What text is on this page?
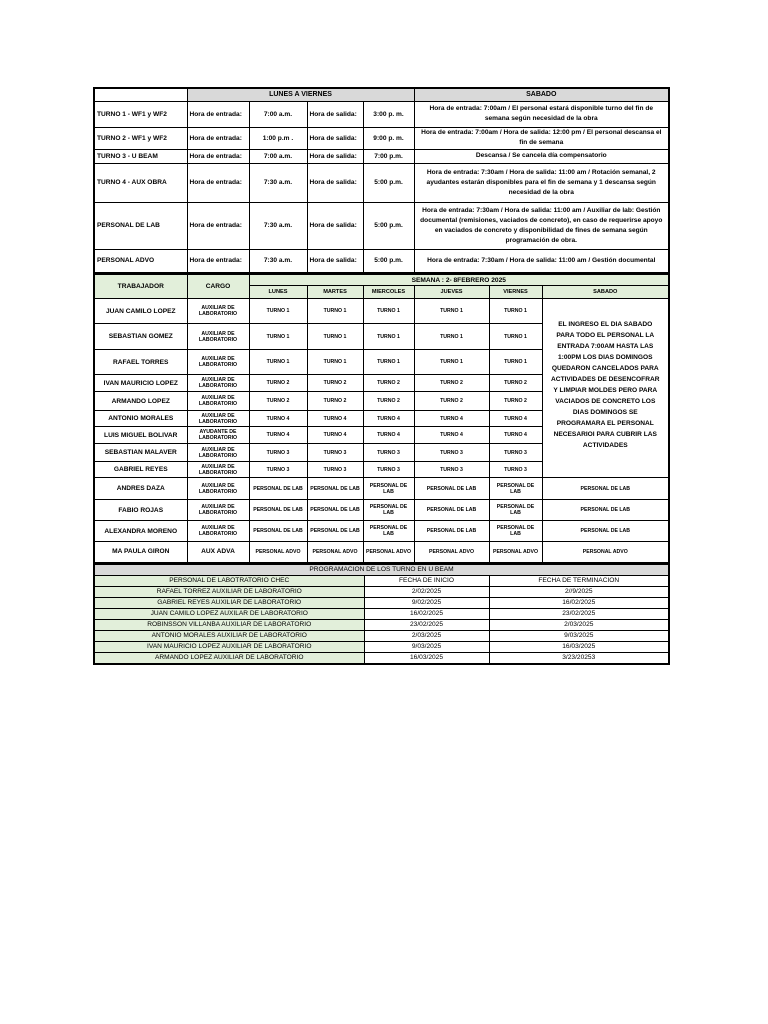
	LUNES A VIERNES				SABADO
TURNO 1 - WF1 y WF2	Hora de entrada:	7:00 a.m.	Hora de salida:	3:00 p. m.	Hora de entrada: 7:00am / El personal estará disponible turno del fin de semana según necesidad de la obra
TURNO 2 - WF1 y WF2	Hora de entrada:	1:00 p.m .	Hora de salida:	9:00 p. m.	Hora de entrada: 7:00am / Hora de salida: 12:00 pm / El personal descansa el fin de semana
TURNO 3 - U BEAM	Hora de entrada:	7:00 a.m.	Hora de salida:	7:00 p.m.	Descansa / Se cancela día compensatorio
TURNO 4 - AUX OBRA	Hora de entrada:	7:30 a.m.	Hora de salida:	5:00 p.m.	Hora de entrada: 7:30am / Hora de salida: 11:00 am / Rotación semanal, 2 ayudantes estarán disponibles para el fin de semana y 1 descansa según necesidad de la obra
PERSONAL DE LAB	Hora de entrada:	7:30 a.m.	Hora de salida:	5:00 p.m.	Hora de entrada: 7:30am / Hora de salida: 11:00 am / Auxiliar de lab: Gestión documental (remisiones, vaciados de concreto), en caso de requerirse apoyo en vaciados de concreto y disponibilidad de fines de semana según programación de obra.
PERSONAL ADVO	Hora de entrada:	7:30 a.m.	Hora de salida:	5:00 p.m.	Hora de entrada: 7:30am / Hora de salida: 11:00 am / Gestión documental
TRABAJADOR	CARGO	SEMANA : 2- 8FEBRERO 2025					
		LUNES	MARTES	MIERCOLES	JUEVES	VIERNES	SABADO
JUAN CAMILO LOPEZ	AUXILIAR DE LABORATORIO	TURNO 1	TURNO 1	TURNO 1	TURNO 1	TURNO 1	EL INGRESO EL DIA SABADO PARA TODO EL PERSONAL LA ENTRADA 7:00AM HASTA LAS 1:00PM LOS DIAS DOMINGOS QUEDARON CANCELADOS PARA ACTIVIDADES DE DESENCOFRAR Y LIMPIAR MOLDES PERO PARA VACIADOS DE CONCRETO LOS DIAS DOMINGOS SE PROGRAMARA EL PERSONAL NECESARIOI PARA CUBRIR LAS ACTIVIDADES
SEBASTIAN GOMEZ	AUXILIAR DE LABORATORIO	TURNO 1	TURNO 1	TURNO 1	TURNO 1	TURNO 1	
RAFAEL TORRES	AUXILIAR DE LABORATORIO	TURNO 1	TURNO 1	TURNO 1	TURNO 1	TURNO 1	
IVAN MAURICIO LOPEZ	AUXILIAR DE LABORATORIO	TURNO 2	TURNO 2	TURNO 2	TURNO 2	TURNO 2	
ARMANDO LOPEZ	AUXILIAR DE LABORATORIO	TURNO 2	TURNO 2	TURNO 2	TURNO 2	TURNO 2	
ANTONIO MORALES	AUXILIAR DE LABORATORIO	TURNO 4	TURNO 4	TURNO 4	TURNO 4	TURNO 4	
LUIS MIGUEL BOLIVAR	AYUDANTE DE LABORATORIO	TURNO 4	TURNO 4	TURNO 4	TURNO 4	TURNO 4	
SEBASTIAN MALAVER	AUXILIAR DE LABORATORIO	TURNO 3	TURNO 3	TURNO 3	TURNO 3	TURNO 3	
GABRIEL REYES	AUXILIAR DE LABORATORIO	TURNO 3	TURNO 3	TURNO 3	TURNO 3	TURNO 3	
ANDRES DAZA	AUXILIAR DE LABORATORIO	PERSONAL DE LAB	PERSONAL DE LAB	PERSONAL DE LAB	PERSONAL DE LAB	PERSONAL DE LAB	PERSONAL DE LAB
FABIO ROJAS	AUXILIAR DE LABORATORIO	PERSONAL DE LAB	PERSONAL DE LAB	PERSONAL DE LAB	PERSONAL DE LAB	PERSONAL DE LAB	PERSONAL DE LAB
ALEXANDRA MORENO	AUXILIAR DE LABORATORIO	PERSONAL DE LAB	PERSONAL DE LAB	PERSONAL DE LAB	PERSONAL DE LAB	PERSONAL DE LAB	PERSONAL DE LAB
MA PAULA GIRON	AUX ADVA	PERSONAL ADVO	PERSONAL ADVO	PERSONAL ADVO	PERSONAL ADVO	PERSONAL ADVO	PERSONAL ADVO
PROGRAMACION DE LOS TURNO EN U BEAM		
PERSONAL DE LABOTRATORIO CHEC	FECHA DE INICIO	FECHA DE TERMINACION
RAFAEL TORREZ AUXILIAR DE LABORATORIO	2/02/2025	2//9/2025
GABRIEL REYES AUXILIAR DE LABORATORIO	9/02/2025	16/02/2025
JUAN CAMILO LOPEZ AUXILAR DE LABORATORIO	16/02/2025	23/02/2025
ROBINSSON VILLANBA AUXILIAR DE LABORATORIO	23/02/2025	2/03/2025
ANTONIO MORALES AUXILIAR DE LABORATORIO	2/03/2025	9/03/2025
IVAN MAURICIO LOPEZ AUXILIAR DE LABORATORIO	9/03/2025	16/03/2025
ARMANDO LOPEZ AUXILIAR DE LABORATORIO	16/03/2025	3/23/20253
